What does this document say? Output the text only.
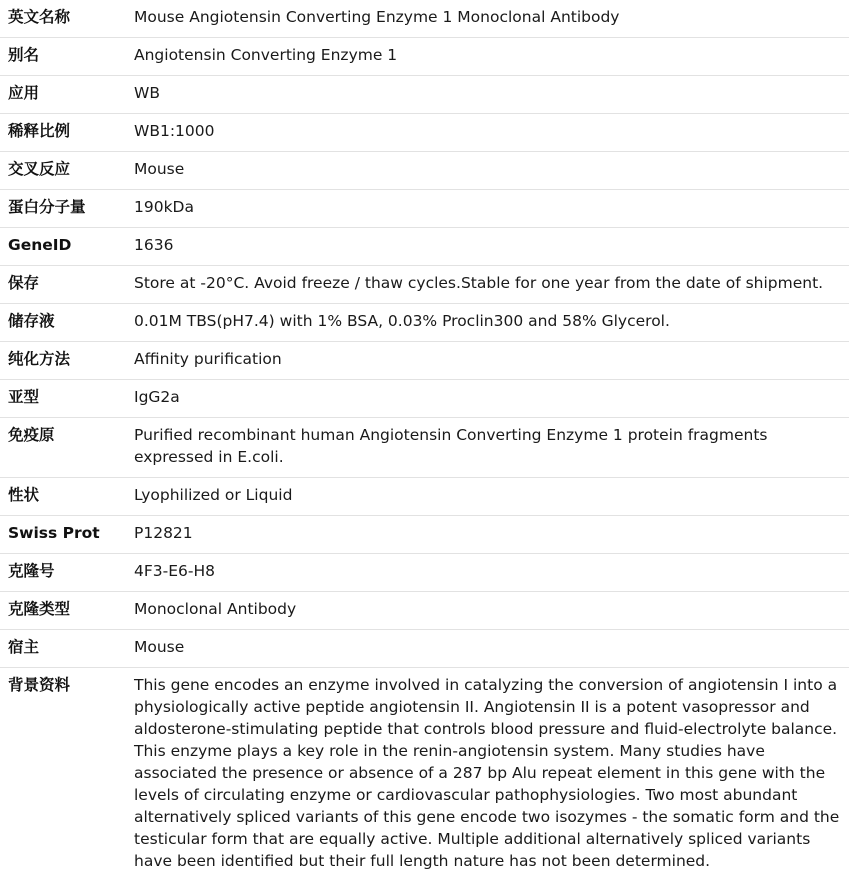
英文名称	Mouse Angiotensin Converting Enzyme 1 Monoclonal Antibody
别名	Angiotensin Converting Enzyme 1
应用	WB
稀释比例	WB1:1000
交叉反应	Mouse
蛋白分子量	190kDa
GeneID	1636
保存	Store at -20°C. Avoid freeze / thaw cycles.Stable for one year from the date of shipment.
储存液	0.01M TBS(pH7.4) with 1% BSA, 0.03% Proclin300 and 58% Glycerol.
纯化方法	Affinity purification
亚型	IgG2a
免疫原	Purified recombinant human Angiotensin Converting Enzyme 1 protein fragments expressed in E.coli.
性状	Lyophilized or Liquid
Swiss Prot	P12821
克隆号	4F3-E6-H8
克隆类型	Monoclonal Antibody
宿主	Mouse
背景资料	This gene encodes an enzyme involved in catalyzing the conversion of angiotensin I into a physiologically active peptide angiotensin II. Angiotensin II is a potent vasopressor and aldosterone-stimulating peptide that controls blood pressure and fluid-electrolyte balance. This enzyme plays a key role in the renin-angiotensin system. Many studies have associated the presence or absence of a 287 bp Alu repeat element in this gene with the levels of circulating enzyme or cardiovascular pathophysiologies. Two most abundant alternatively spliced variants of this gene encode two isozymes - the somatic form and the testicular form that are equally active. Multiple additional alternatively spliced variants have been identified but their full length nature has not been determined.
